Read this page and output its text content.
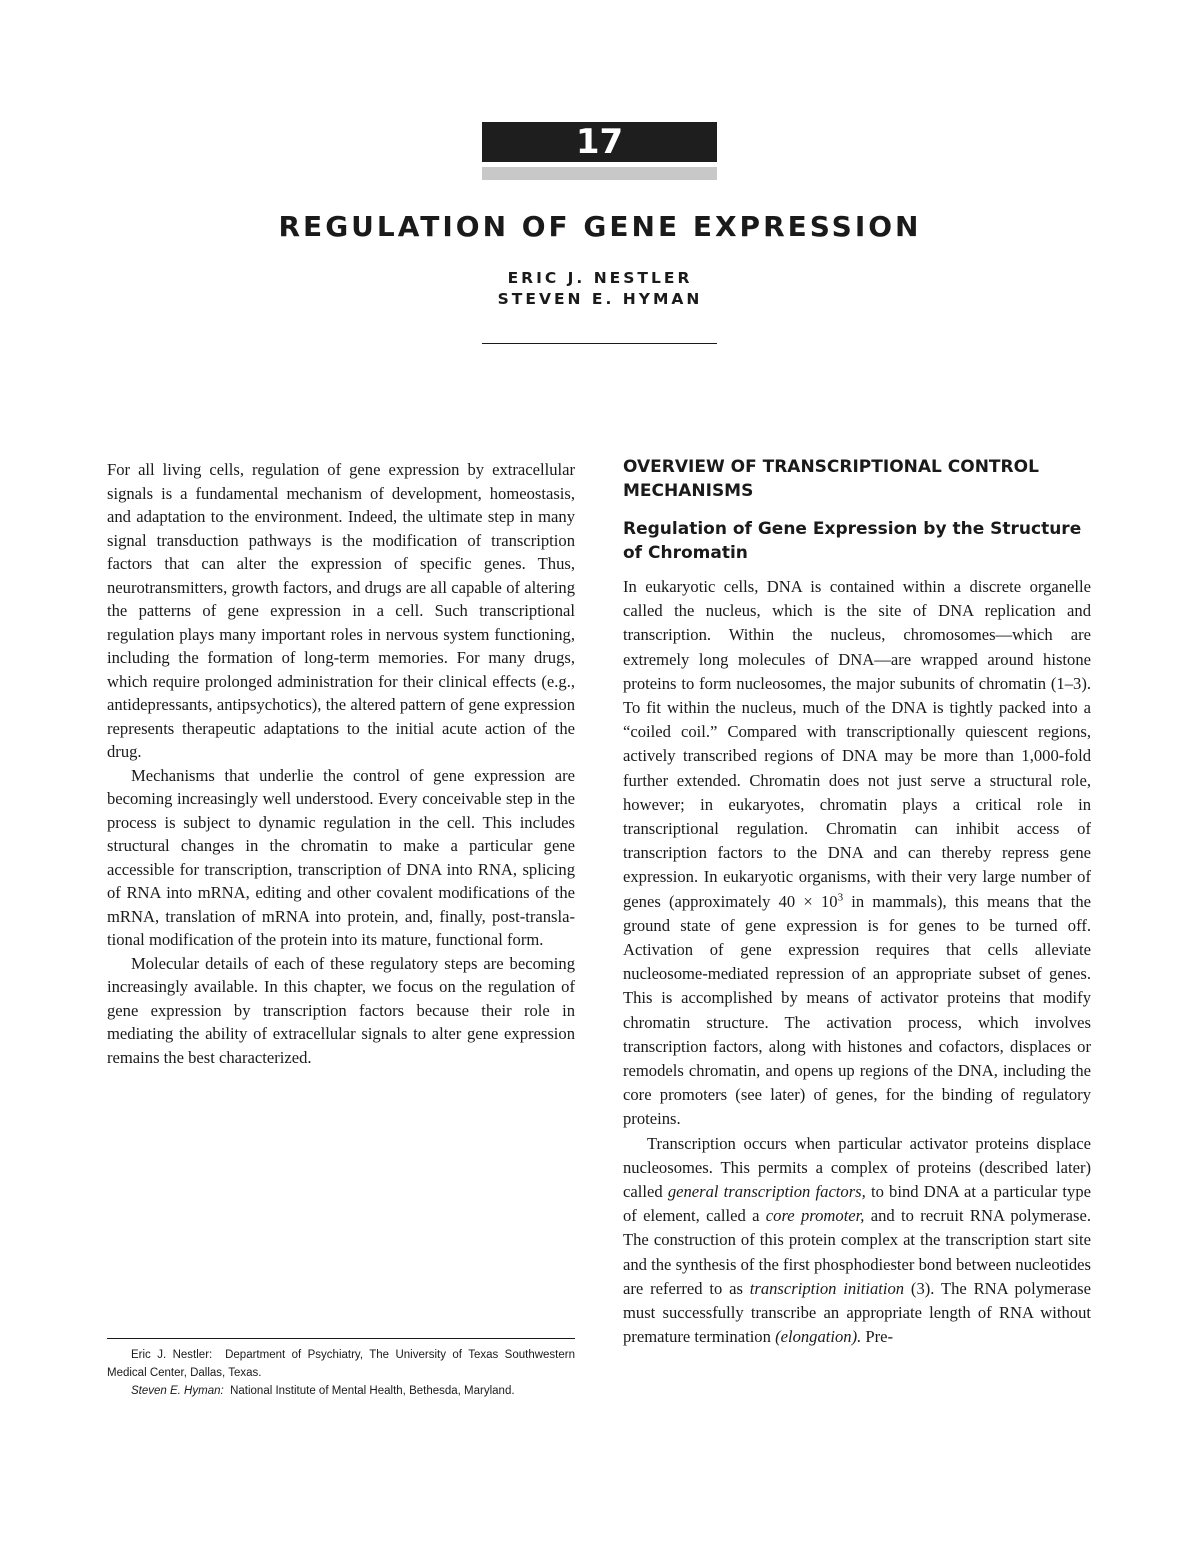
17
REGULATION OF GENE EXPRESSION
ERIC J. NESTLER
STEVEN E. HYMAN

For all living cells, regulation of gene expression by extracellular signals is a fundamental mechanism of development, homeostasis, and adaptation to the environment. Indeed, the ultimate step in many signal transduction pathways is the modification of transcription factors that can alter the expression of specific genes. Thus, neurotransmitters, growth factors, and drugs are all capable of altering the patterns of gene expression in a cell. Such transcriptional regulation plays many important roles in nervous system functioning, including the formation of long-term memories. For many drugs, which require prolonged administration for their clinical effects (e.g., antidepressants, antipsychotics), the altered pattern of gene expression represents therapeutic adaptations to the initial acute action of the drug.

Mechanisms that underlie the control of gene expression are becoming increasingly well understood. Every conceivable step in the process is subject to dynamic regulation in the cell. This includes structural changes in the chromatin to make a particular gene accessible for transcription, transcription of DNA into RNA, splicing of RNA into mRNA, editing and other covalent modifications of the mRNA, translation of mRNA into protein, and, finally, post-translational modification of the protein into its mature, functional form.

Molecular details of each of these regulatory steps are becoming increasingly available. In this chapter, we focus on the regulation of gene expression by transcription factors because their role in mediating the ability of extracellular signals to alter gene expression remains the best characterized.

Eric J. Nestler: Department of Psychiatry, The University of Texas Southwestern Medical Center, Dallas, Texas.

Steven E. Hyman: National Institute of Mental Health, Bethesda, Maryland.

OVERVIEW OF TRANSCRIPTIONAL CONTROL MECHANISMS
Regulation of Gene Expression by the Structure of Chromatin

In eukaryotic cells, DNA is contained within a discrete organelle called the nucleus, which is the site of DNA replication and transcription. Within the nucleus, chromosomes—which are extremely long molecules of DNA—are wrapped around histone proteins to form nucleosomes, the major subunits of chromatin (1–3). To fit within the nucleus, much of the DNA is tightly packed into a “coiled coil.” Compared with transcriptionally quiescent regions, actively transcribed regions of DNA may be more than 1,000-fold further extended. Chromatin does not just serve a structural role, however; in eukaryotes, chromatin plays a critical role in transcriptional regulation. Chromatin can inhibit access of transcription factors to the DNA and can thereby repress gene expression. In eukaryotic organisms, with their very large number of genes (approximately $40 \times 10^3$ in mammals), this means that the ground state of gene expression is for genes to be turned off. Activation of gene expression requires that cells alleviate nucleosome-mediated repression of an appropriate subset of genes. This is accomplished by means of activator proteins that modify chromatin structure. The activation process, which involves transcription factors, along with histones and cofactors, displaces or remodels chromatin, and opens up regions of the DNA, including the core promoters (see later) of genes, for the binding of regulatory proteins.

Transcription occurs when particular activator proteins displace nucleosomes. This permits a complex of proteins (described later) called general transcription factors, to bind DNA at a particular type of element, called a core promoter, and to recruit RNA polymerase. The construction of this protein complex at the transcription start site and the synthesis of the first phosphodiester bond between nucleotides are referred to as transcription initiation (3). The RNA polymerase must successfully transcribe an appropriate length of RNA without premature termination (elongation). Pre-
